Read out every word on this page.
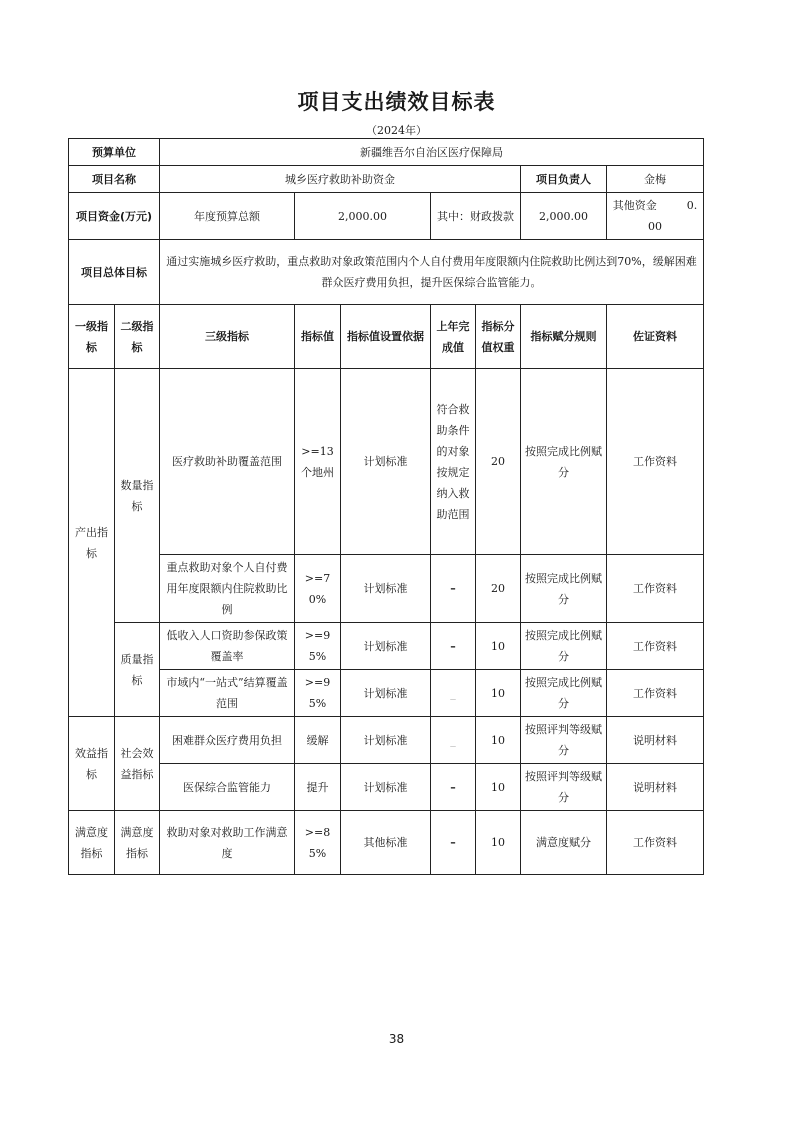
项目支出绩效目标表
（2024年）
预算单位		新疆维吾尔自治区医疗保障局						
项目名称		城乡医疗救助补助资金					项目负责人	金梅
项目资金(万元)		年度预算总额	2,000.00		其中：财政拨款		2,000.00	其他资金 0.00
项目总体目标		通过实施城乡医疗救助，重点救助对象政策范围内个人自付费用年度限额内住院救助比例达到70%，缓解困难群众医疗费用负担，提升医保综合监管能力。						
一级指标	二级指标	三级指标	指标值	指标值设置依据	上年完成值	指标分值权重	指标赋分规则	佐证资料
产出指标	数量指标	医疗救助补助覆盖范围	>=13个地州	计划标准	符合救助条件的对象按规定纳入救助范围	20	按照完成比例赋分	工作资料
		重点救助对象个人自付费用年度限额内住院救助比例	>=70%	计划标准	–	20	按照完成比例赋分	工作资料
	质量指标	低收入人口资助参保政策覆盖率	>=95%	计划标准	–	10	按照完成比例赋分	工作资料
		市域内“一站式”结算覆盖范围	>=95%	计划标准	_	10	按照完成比例赋分	工作资料
效益指标	社会效益指标	困难群众医疗费用负担	缓解	计划标准	_	10	按照评判等级赋分	说明材料
		医保综合监管能力	提升	计划标准	–	10	按照评判等级赋分	说明材料
满意度指标	满意度指标	救助对象对救助工作满意度	>=85%	其他标准	–	10	满意度赋分	工作资料
38
